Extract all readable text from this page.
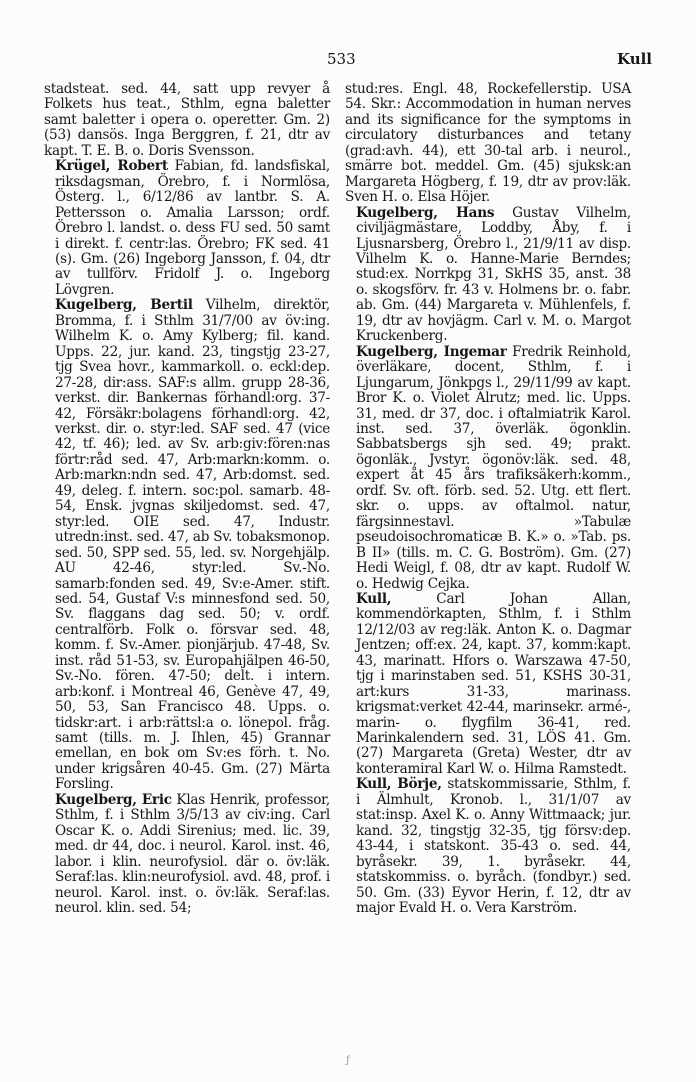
533	Kull

stadsteat. sed. 44, satt upp revyer å Folkets hus teat., Sthlm, egna baletter samt baletter i opera o. operetter. Gm. 2) (53) dansös. Inga Berggren, f. 21, dtr av kapt. T. E. B. o. Doris Svensson.

Krügel, Robert Fabian, fd. landsfiskal, riksdagsman, Örebro, f. i Normlösa, Österg. l., 6/12/86 av lantbr. S. A. Pettersson o. Amalia Larsson; ordf. Örebro l. landst. o. dess FU sed. 50 samt i direkt. f. centr:las. Örebro; FK sed. 41 (s). Gm. (26) Ingeborg Jansson, f. 04, dtr av tullförv. Fridolf J. o. Ingeborg Lövgren.

Kugelberg, Bertil Vilhelm, direktör, Bromma, f. i Sthlm 31/7/00 av öv:ing. Wilhelm K. o. Amy Kylberg; fil. kand. Upps. 22, jur. kand. 23, tingstjg 23-27, tjg Svea hovr., kammarkoll. o. eckl:dep. 27-28, dir:ass. SAF:s allm. grupp 28-36, verkst. dir. Bankernas förhandl:org. 37-42, Försäkr:bolagens förhandl:org. 42, verkst. dir. o. styr:led. SAF sed. 47 (vice 42, tf. 46); led. av Sv. arb:giv:fören:nas förtr:råd sed. 47, Arb:markn:komm. o. Arb:markn:ndn sed. 47, Arb:domst. sed. 49, deleg. f. intern. soc:pol. samarb. 48-54, Ensk. jvgnas skiljedomst. sed. 47, styr:led. OIE sed. 47, Industr. utredn:inst. sed. 47, ab Sv. tobaksmonop. sed. 50, SPP sed. 55, led. sv. Norgehjälp. AU 42-46, styr:led. Sv.-No. samarb:fonden sed. 49, Sv:e-Amer. stift. sed. 54, Gustaf V:s minnesfond sed. 50, Sv. flaggans dag sed. 50; v. ordf. centralförb. Folk o. försvar sed. 48, komm. f. Sv.-Amer. pionjärjub. 47-48, Sv. inst. råd 51-53, sv. Europahjälpen 46-50, Sv.-No. fören. 47-50; delt. i intern. arb:konf. i Montreal 46, Genève 47, 49, 50, 53, San Francisco 48. Upps. o. tidskr:art. i arb:rättsl:a o. lönepol. fråg. samt (tills. m. J. Ihlen, 45) Grannar emellan, en bok om Sv:es förh. t. No. under krigsåren 40-45. Gm. (27) Märta Forsling.

Kugelberg, Eric Klas Henrik, professor, Sthlm, f. i Sthlm 3/5/13 av civ:ing. Carl Oscar K. o. Addi Sirenius; med. lic. 39, med. dr 44, doc. i neurol. Karol. inst. 46, labor. i klin. neurofysiol. där o. öv:läk. Seraf:las. klin:neurofysiol. avd. 48, prof. i neurol. Karol. inst. o. öv:läk. Seraf:las. neurol. klin. sed. 54;

stud:res. Engl. 48, Rockefellerstip. USA 54. Skr.: Accommodation in human nerves and its significance for the symptoms in circulatory disturbances and tetany (grad:avh. 44), ett 30-tal arb. i neurol., smärre bot. meddel. Gm. (45) sjuksk:an Margareta Högberg, f. 19, dtr av prov:läk. Sven H. o. Elsa Höjer.

Kugelberg, Hans Gustav Vilhelm, civiljägmästare, Loddby, Åby, f. i Ljusnarsberg, Örebro l., 21/9/11 av disp. Vilhelm K. o. Hanne-Marie Berndes; stud:ex. Norrkpg 31, SkHS 35, anst. 38 o. skogsförv. fr. 43 v. Holmens br. o. fabr. ab. Gm. (44) Margareta v. Mühlenfels, f. 19, dtr av hovjägm. Carl v. M. o. Margot Kruckenberg.

Kugelberg, Ingemar Fredrik Reinhold, överläkare, docent, Sthlm, f. i Ljungarum, Jönkpgs l., 29/11/99 av kapt. Bror K. o. Violet Alrutz; med. lic. Upps. 31, med. dr 37, doc. i oftalmiatrik Karol. inst. sed. 37, överläk. ögonklin. Sabbatsbergs sjh sed. 49; prakt. ögonläk., Jvstyr. ögonöv:läk. sed. 48, expert åt 45 års trafiksäkerh:komm., ordf. Sv. oft. förb. sed. 52. Utg. ett flert. skr. o. upps. av oftalmol. natur, färgsinnestavl. »Tabulæ pseudoisochromaticæ B. K.» o. »Tab. ps. B II» (tills. m. C. G. Boström). Gm. (27) Hedi Weigl, f. 08, dtr av kapt. Rudolf W. o. Hedwig Cejka.

Kull, Carl Johan Allan, kommendörkapten, Sthlm, f. i Sthlm 12/12/03 av reg:läk. Anton K. o. Dagmar Jentzen; off:ex. 24, kapt. 37, komm:kapt. 43, marinatt. Hfors o. Warszawa 47-50, tjg i marinstaben sed. 51, KSHS 30-31, art:kurs 31-33, marinass. krigsmat:verket 42-44, marinsekr. armé-, marin- o. flygfilm 36-41, red. Marinkalendern sed. 31, LÖS 41. Gm. (27) Margareta (Greta) Wester, dtr av konteramiral Karl W. o. Hilma Ramstedt.

Kull, Börje, statskommissarie, Sthlm, f. i Älmhult, Kronob. l., 31/1/07 av stat:insp. Axel K. o. Anny Wittmaack; jur. kand. 32, tingstjg 32-35, tjg försv:dep. 43-44, i statskont. 35-43 o. sed. 44, byråsekr. 39, 1. byråsekr. 44, statskommiss. o. byråch. (fondbyr.) sed. 50. Gm. (33) Eyvor Herin, f. 12, dtr av major Evald H. o. Vera Karström.

ƒ
